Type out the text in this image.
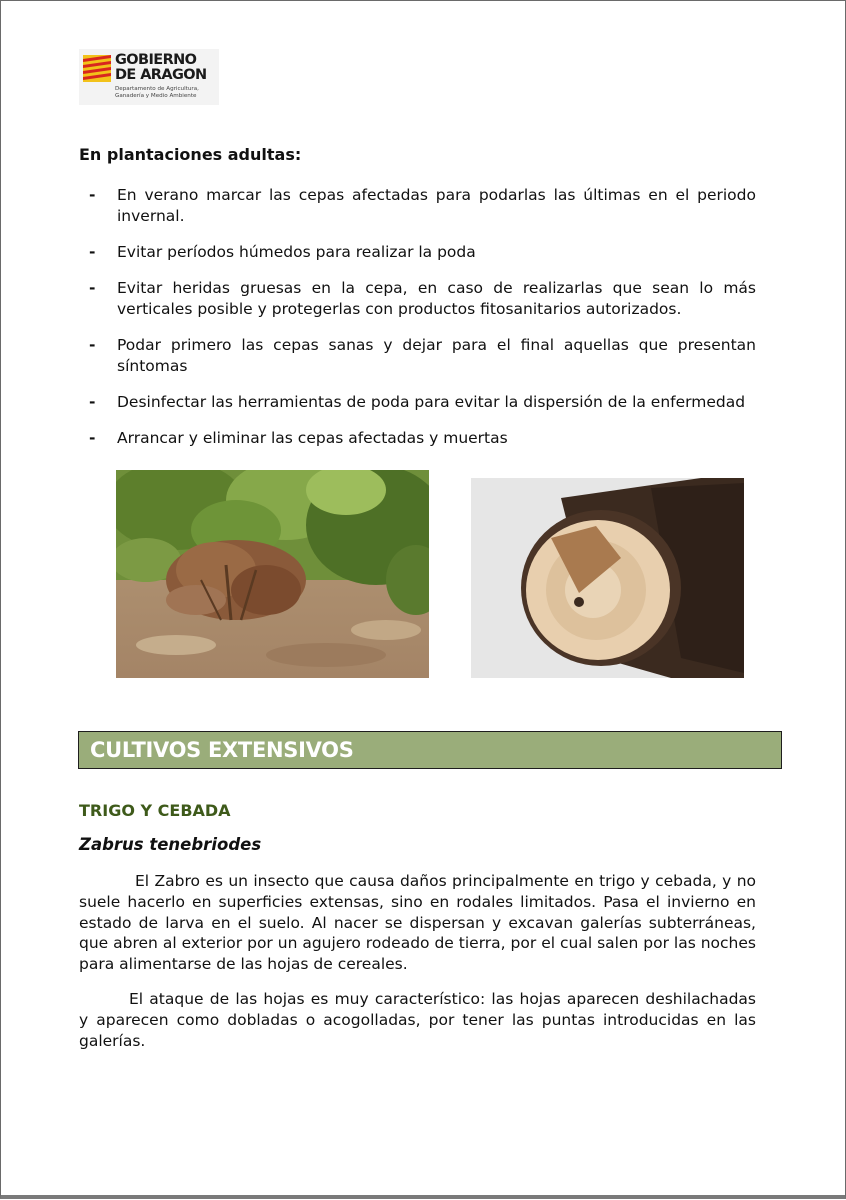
GOBIERNO
DE ARAGON
Departamento de Agricultura,
Ganadería y Medio Ambiente
En plantaciones adultas:
- En verano marcar las cepas afectadas para podarlas las últimas en el periodo invernal.
- Evitar períodos húmedos para realizar la poda
- Evitar heridas gruesas en la cepa, en caso de realizarlas que sean lo más verticales posible y protegerlas con productos fitosanitarios autorizados.
- Podar primero las cepas sanas y dejar para el final aquellas que presentan síntomas
- Desinfectar las herramientas de poda para evitar la dispersión de la enfermedad
- Arrancar y eliminar las cepas afectadas y muertas
CULTIVOS EXTENSIVOS
TRIGO Y CEBADA
Zabrus tenebriodes
El Zabro es un insecto que causa daños principalmente en trigo y cebada, y no suele hacerlo en superficies extensas, sino en rodales limitados. Pasa el invierno en estado de larva en el suelo. Al nacer se dispersan y excavan galerías subterráneas, que abren al exterior por un agujero rodeado de tierra, por el cual salen por las noches para alimentarse de las hojas de cereales.
El ataque de las hojas es muy característico: las hojas aparecen deshilachadas y aparecen como dobladas o acogolladas, por tener las puntas introducidas en las galerías.
